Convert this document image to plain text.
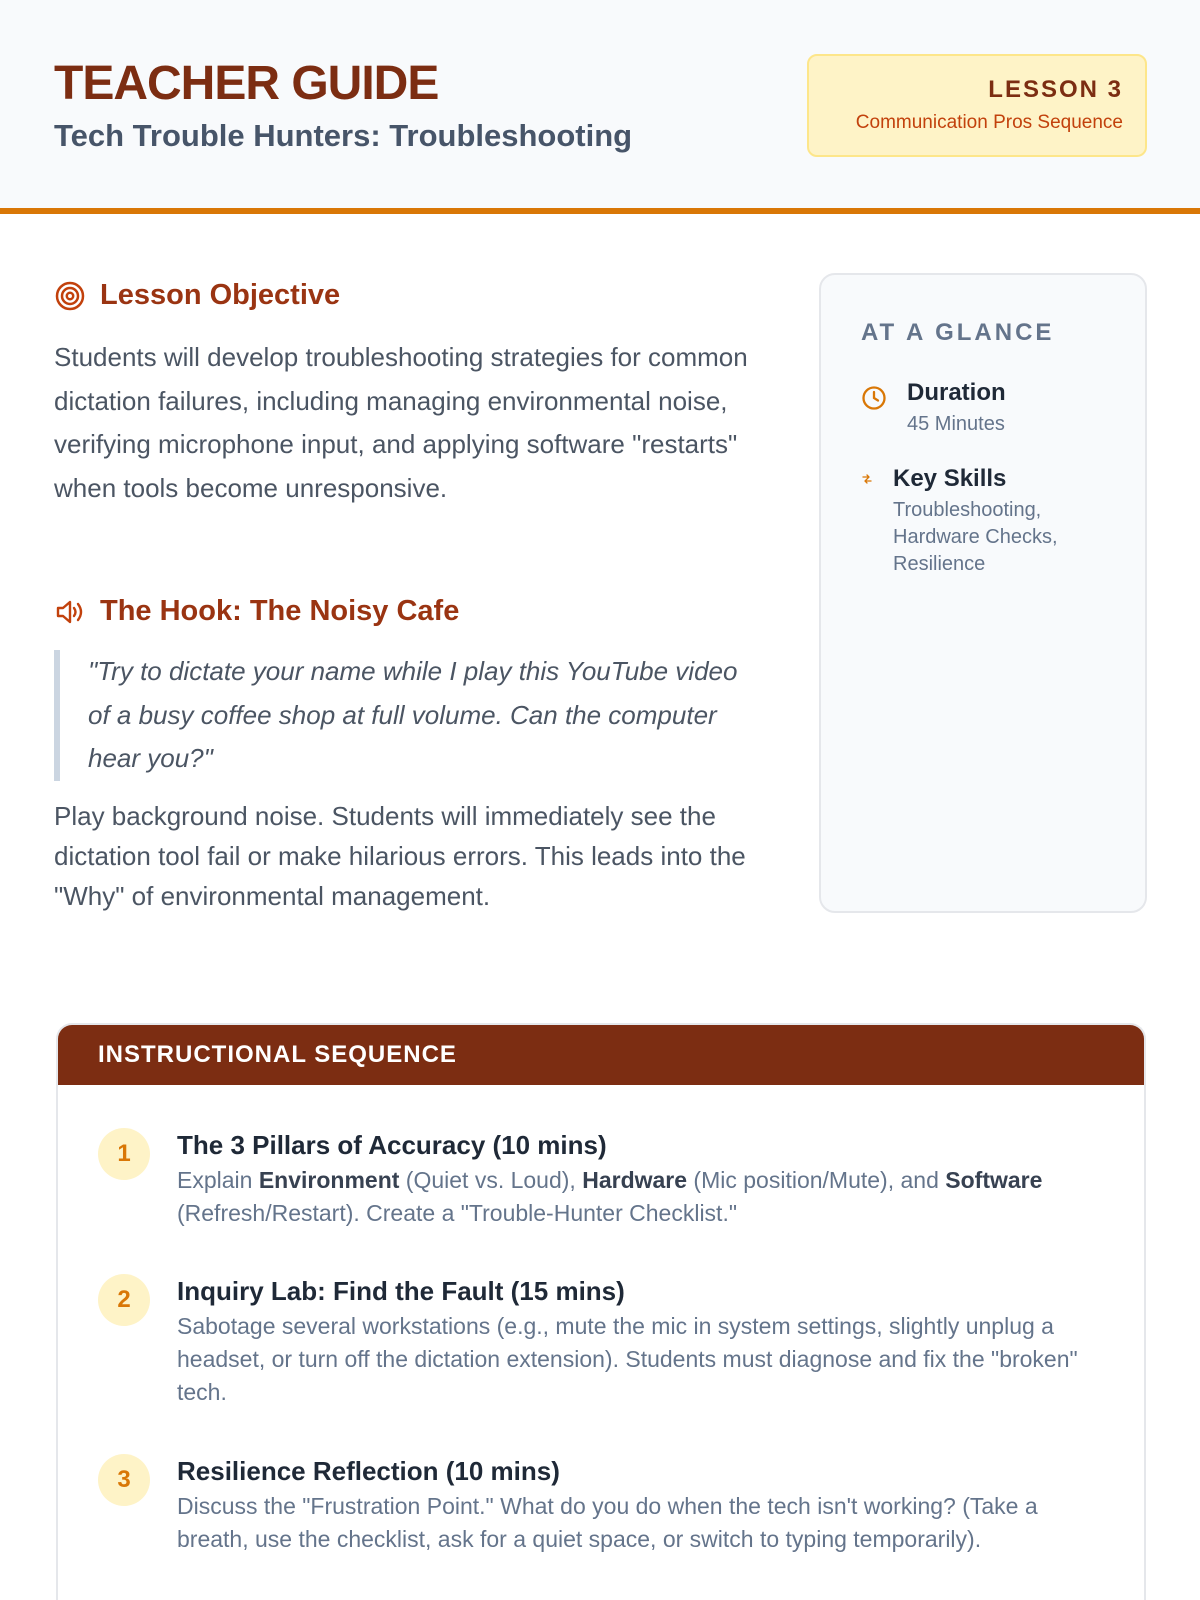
TEACHER GUIDE
Tech Trouble Hunters: Troubleshooting
LESSON 3
Communication Pros Sequence
Lesson Objective
Students will develop troubleshooting strategies for common dictation failures, including managing environmental noise, verifying microphone input, and applying software "restarts" when tools become unresponsive.
The Hook: The Noisy Cafe
"Try to dictate your name while I play this YouTube video of a busy coffee shop at full volume. Can the computer hear you?"
Play background noise. Students will immediately see the dictation tool fail or make hilarious errors. This leads into the "Why" of environmental management.
AT A GLANCE
Duration
45 Minutes
Key Skills
Troubleshooting, Hardware Checks, Resilience
INSTRUCTIONAL SEQUENCE
1	The 3 Pillars of Accuracy (10 mins)
Explain Environment (Quiet vs. Loud), Hardware (Mic position/Mute), and Software (Refresh/Restart). Create a "Trouble-Hunter Checklist."
2	Inquiry Lab: Find the Fault (15 mins)
Sabotage several workstations (e.g., mute the mic in system settings, slightly unplug a headset, or turn off the dictation extension). Students must diagnose and fix the "broken" tech.
3	Resilience Reflection (10 mins)
Discuss the "Frustration Point." What do you do when the tech isn't working? (Take a breath, use the checklist, ask for a quiet space, or switch to typing temporarily).
